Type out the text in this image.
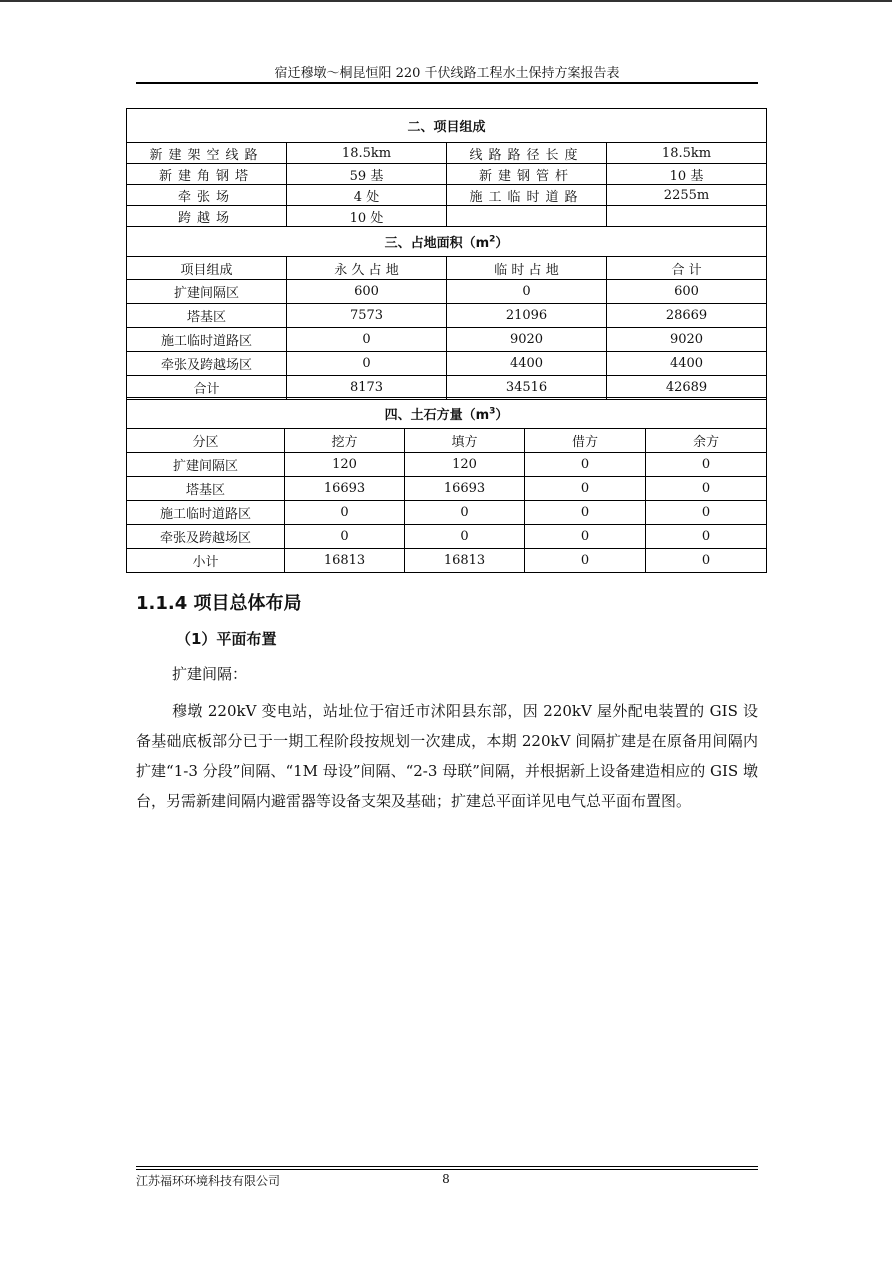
宿迁穆墩～桐昆恒阳 220 千伏线路工程水土保持方案报告表
二、项目组成			
新建架空线路	18.5km	线路路径长度	18.5km
新建角钢塔	59 基	新建钢管杆	10 基
牵张场	4 处	施工临时道路	2255m
跨越场	10 处		
三、占地面积$(m^2)$			
项目组成	永 久 占 地	临 时 占 地	合 计
扩建间隔区	600	0	600
塔基区	7573	21096	28669
施工临时道路区	0	9020	9020
牵张及跨越场区	0	4400	4400
合计	8173	34516	42689
四、土石方量$(m^3)$				
分区	挖方	填方	借方	余方
扩建间隔区	120	120	0	0
塔基区	16693	16693	0	0
施工临时道路区	0	0	0	0
牵张及跨越场区	0	0	0	0
小计	16813	16813	0	0
1.1.4 项目总体布局
（1）平面布置
扩建间隔：
穆墩 220kV 变电站，站址位于宿迁市沭阳县东部，因 220kV 屋外配电装置的 GIS 设备基础底板部分已于一期工程阶段按规划一次建成，本期 220kV 间隔扩建是在原备用间隔内扩建“1-3 分段”间隔、“1M 母设”间隔、“2-3 母联”间隔，并根据新上设备建造相应的 GIS 墩台，另需新建间隔内避雷器等设备支架及基础；扩建总平面详见电气总平面布置图。
江苏福环环境科技有限公司	8
